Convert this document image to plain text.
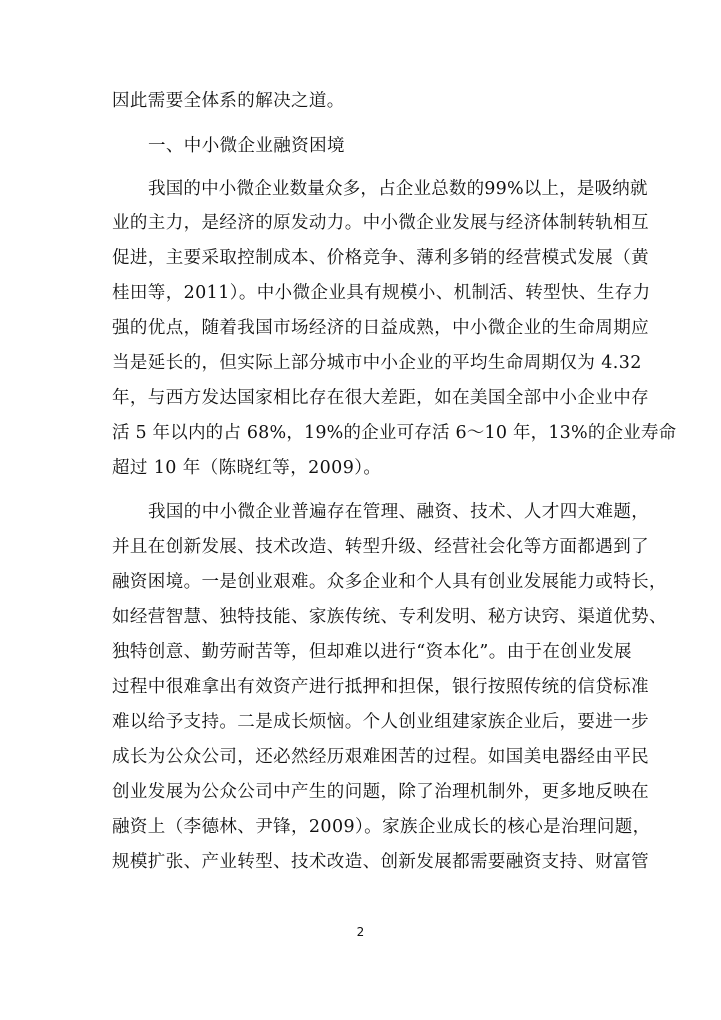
因此需要全体系的解决之道。
一、中小微企业融资困境
我国的中小微企业数量众多，占企业总数的99%以上，是吸纳就
业的主力，是经济的原发动力。中小微企业发展与经济体制转轨相互
促进，主要采取控制成本、价格竞争、薄利多销的经营模式发展（黄
桂田等，2011）。中小微企业具有规模小、机制活、转型快、生存力
强的优点，随着我国市场经济的日益成熟，中小微企业的生命周期应
当是延长的，但实际上部分城市中小企业的平均生命周期仅为 4.32
年，与西方发达国家相比存在很大差距，如在美国全部中小企业中存
活 5 年以内的占 68%，19%的企业可存活 6～10 年，13%的企业寿命
超过 10 年（陈晓红等，2009）。
我国的中小微企业普遍存在管理、融资、技术、人才四大难题，
并且在创新发展、技术改造、转型升级、经营社会化等方面都遇到了
融资困境。一是创业艰难。众多企业和个人具有创业发展能力或特长，
如经营智慧、独特技能、家族传统、专利发明、秘方诀窍、渠道优势、
独特创意、勤劳耐苦等，但却难以进行“资本化”。由于在创业发展
过程中很难拿出有效资产进行抵押和担保，银行按照传统的信贷标准
难以给予支持。二是成长烦恼。个人创业组建家族企业后，要进一步
成长为公众公司，还必然经历艰难困苦的过程。如国美电器经由平民
创业发展为公众公司中产生的问题，除了治理机制外，更多地反映在
融资上（李德林、尹锋，2009）。家族企业成长的核心是治理问题，
规模扩张、产业转型、技术改造、创新发展都需要融资支持、财富管
2
